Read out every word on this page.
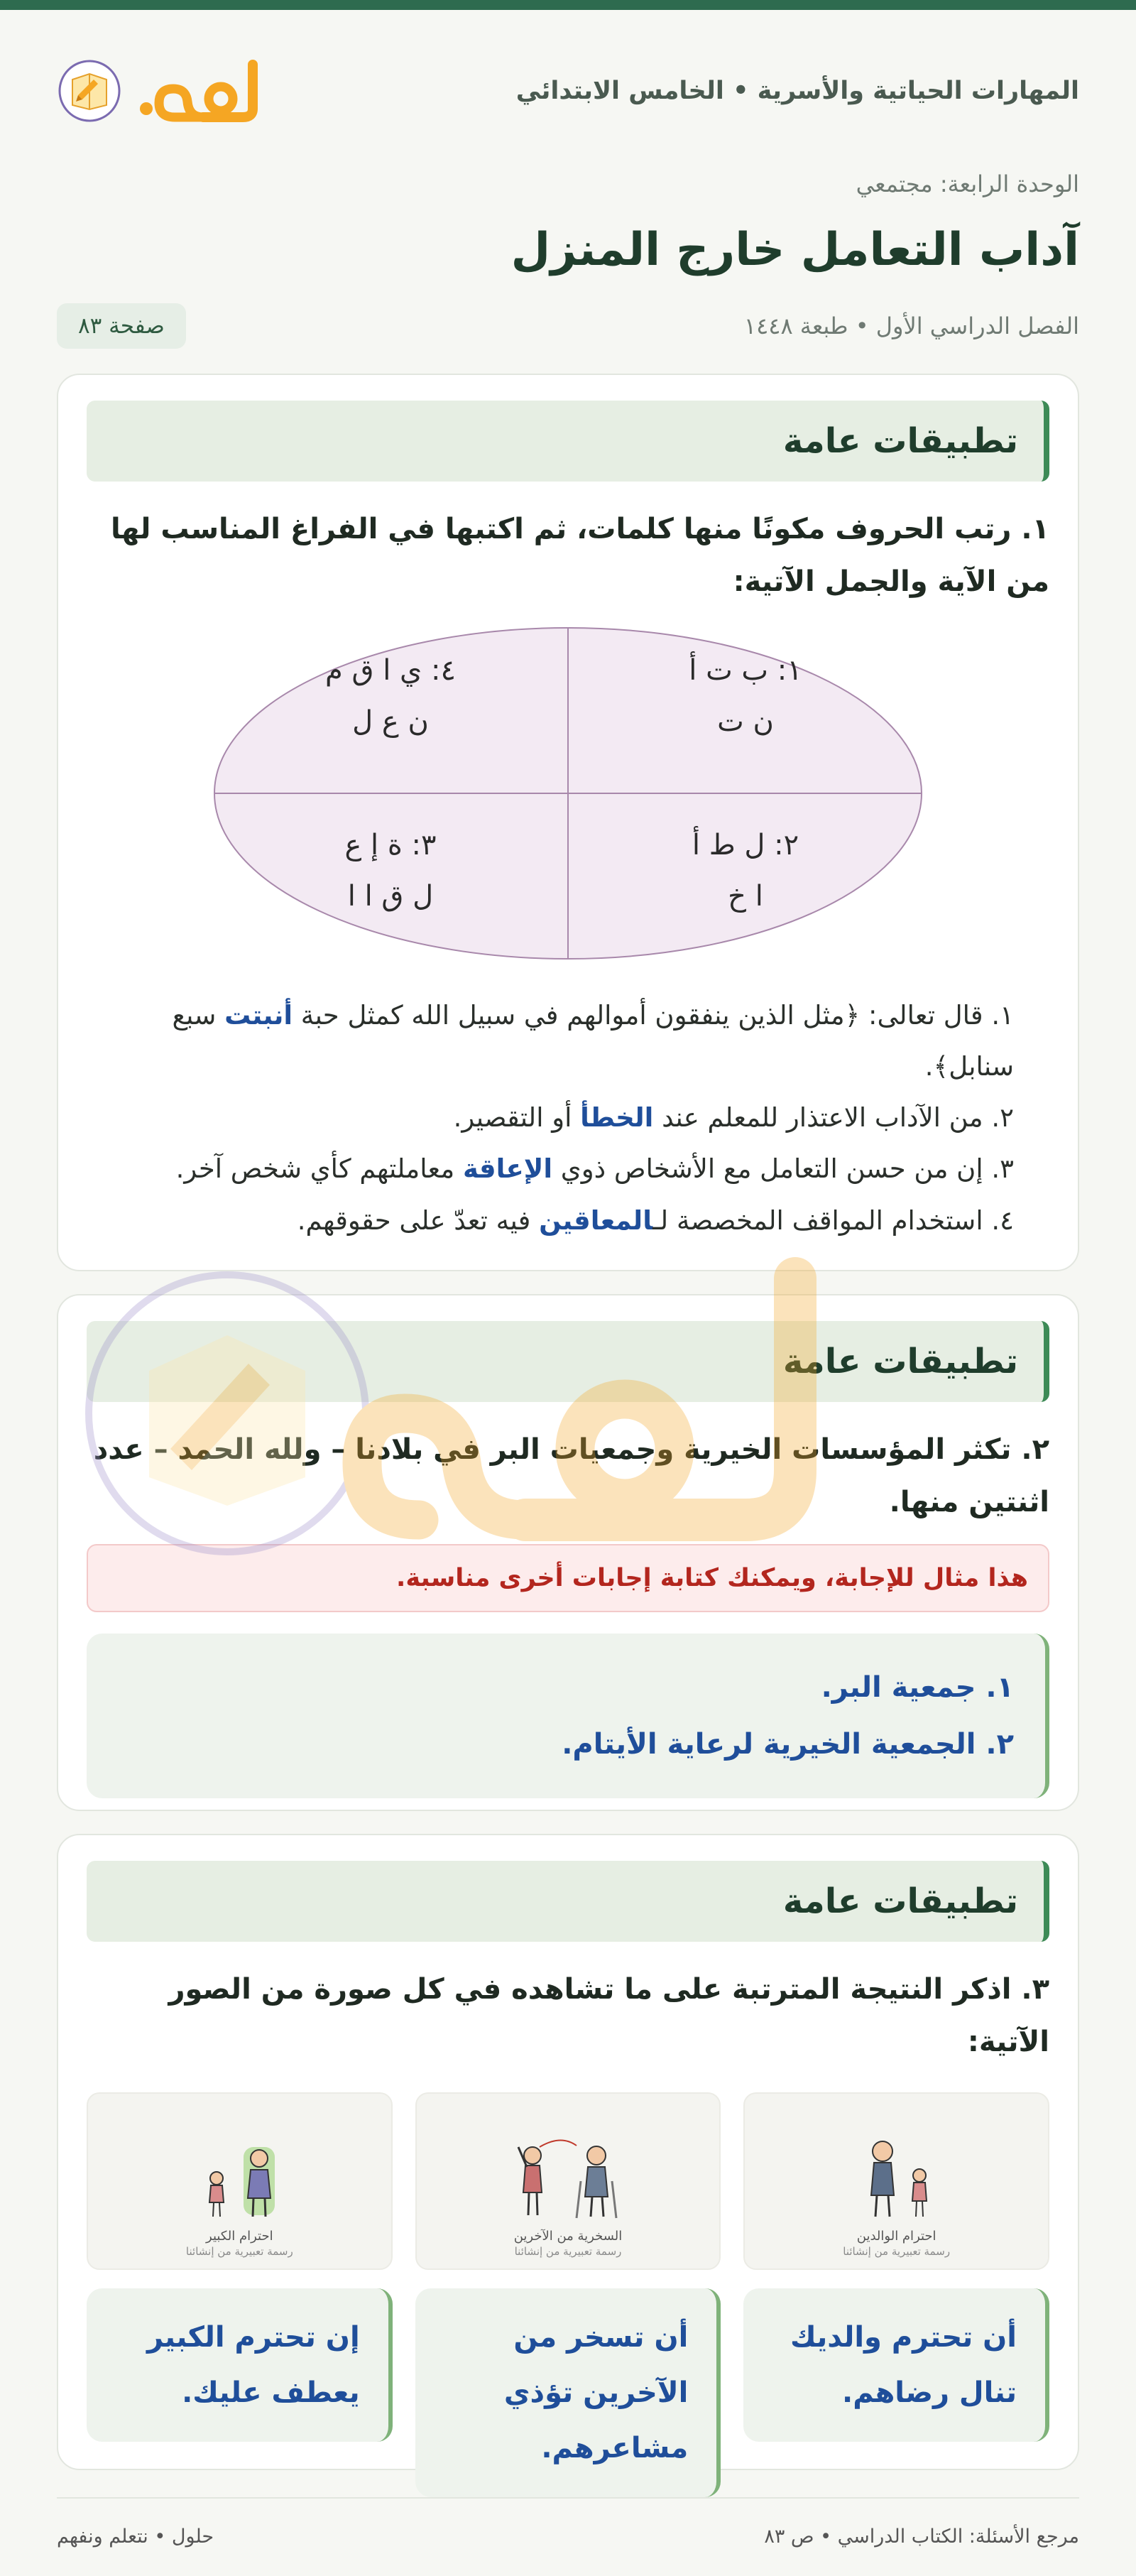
المهارات الحياتية والأسرية • الخامس الابتدائي
الوحدة الرابعة: مجتمعي
آداب التعامل خارج المنزل
الفصل الدراسي الأول • طبعة ١٤٤٨
صفحة ٨٣
تطبيقات عامة
١. رتب الحروف مكونًا منها كلمات، ثم اكتبها في الفراغ المناسب لها من الآية والجمل الآتية:
١: ب ت أ
ن ت
٤: ي ا ق م
ن ع ل
٢: ل ط أ
ا خ
٣: ة إ ع
ل ق ا ا
١. قال تعالى: ﴿مثل الذين ينفقون أموالهم في سبيل الله كمثل حبة أنبتت سبع سنابل﴾.
٢. من الآداب الاعتذار للمعلم عند الخطأ أو التقصير.
٣. إن من حسن التعامل مع الأشخاص ذوي الإعاقة معاملتهم كأي شخص آخر.
٤. استخدام المواقف المخصصة لـالمعاقين فيه تعدّ على حقوقهم.
تطبيقات عامة
٢. تكثر المؤسسات الخيرية وجمعيات البر في بلادنا – ولله الحمد – عدد اثنتين منها.
هذا مثال للإجابة، ويمكنك كتابة إجابات أخرى مناسبة.
١. جمعية البر.
٢. الجمعية الخيرية لرعاية الأيتام.
تطبيقات عامة
٣. اذكر النتيجة المترتبة على ما تشاهده في كل صورة من الصور الآتية:
احترام الوالدين
رسمة تعبيرية من إنشائنا
أن تحترم والديك
تنال رضاهم.
السخرية من الآخرين
رسمة تعبيرية من إنشائنا
أن تسخر من
الآخرين تؤذي
مشاعرهم.
احترام الكبير
رسمة تعبيرية من إنشائنا
إن تحترم الكبير
يعطف عليك.
مرجع الأسئلة: الكتاب الدراسي • ص ٨٣
حلول • نتعلم ونفهم
